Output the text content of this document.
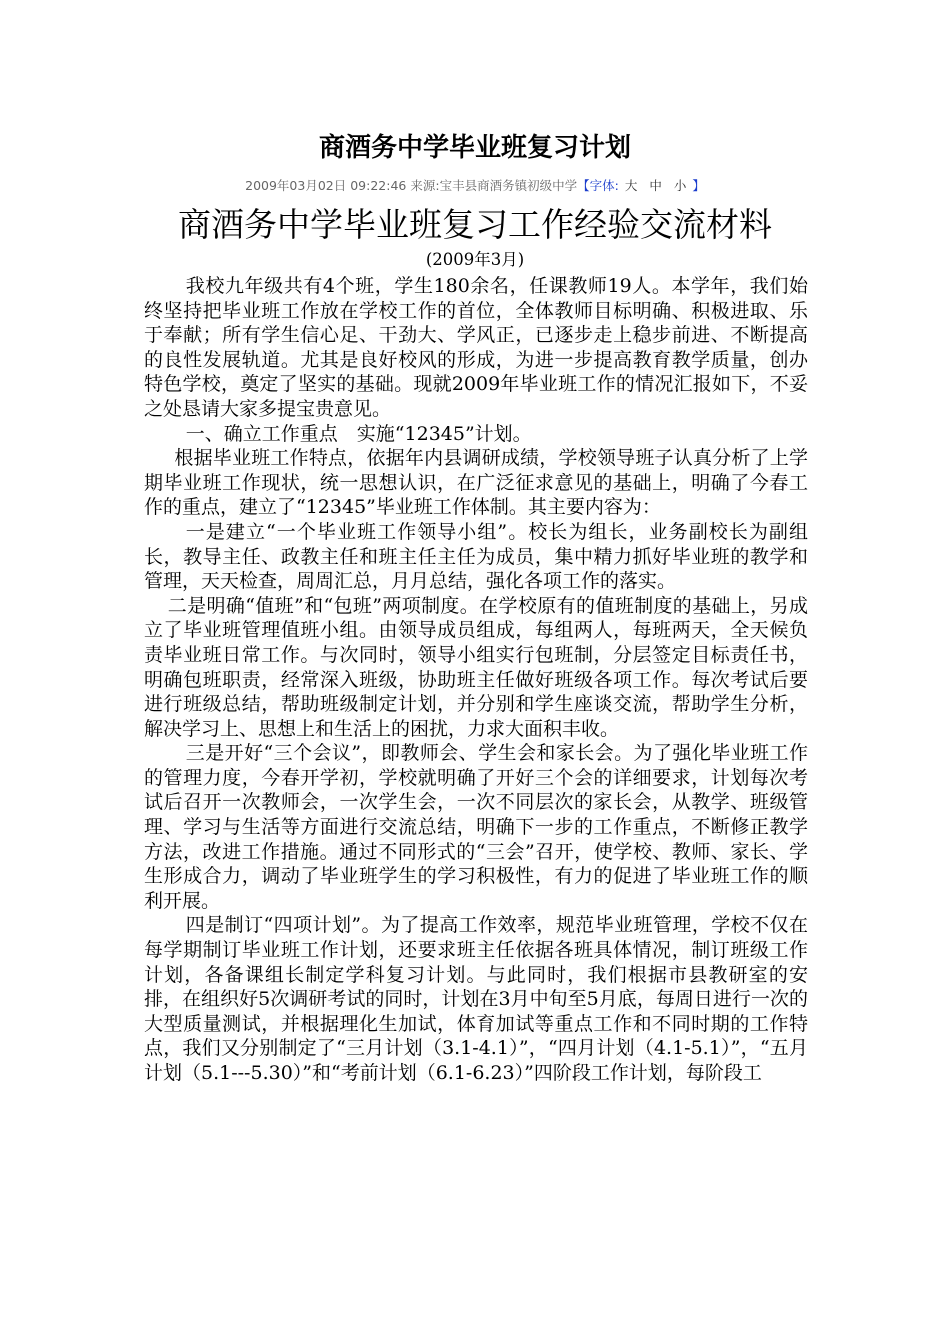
商酒务中学毕业班复习计划
2009年03月02日 09:22:46 来源:宝丰县商酒务镇初级中学【字体: 大 中 小 】
商酒务中学毕业班复习工作经验交流材料
(2009年3月)

我校九年级共有4个班，学生180余名，任课教师19人。本学年，我们始终坚持把毕业班工作放在学校工作的首位，全体教师目标明确、积极进取、乐于奉献；所有学生信心足、干劲大、学风正，已逐步走上稳步前进、不断提高的良性发展轨道。尤其是良好校风的形成，为进一步提高教育教学质量，创办特色学校，奠定了坚实的基础。现就2009年毕业班工作的情况汇报如下，不妥之处恳请大家多提宝贵意见。

一、确立工作重点　实施“12345”计划。

根据毕业班工作特点，依据年内县调研成绩，学校领导班子认真分析了上学期毕业班工作现状，统一思想认识，在广泛征求意见的基础上，明确了今春工作的重点，建立了“12345”毕业班工作体制。其主要内容为：

一是建立“一个毕业班工作领导小组”。校长为组长，业务副校长为副组长，教导主任、政教主任和班主任主任为成员，集中精力抓好毕业班的教学和管理，天天检查，周周汇总，月月总结，强化各项工作的落实。

二是明确“值班”和“包班”两项制度。在学校原有的值班制度的基础上，另成立了毕业班管理值班小组。由领导成员组成，每组两人，每班两天，全天候负责毕业班日常工作。与次同时，领导小组实行包班制，分层签定目标责任书，明确包班职责，经常深入班级，协助班主任做好班级各项工作。每次考试后要进行班级总结，帮助班级制定计划，并分别和学生座谈交流，帮助学生分析，解决学习上、思想上和生活上的困扰，力求大面积丰收。

三是开好“三个会议”，即教师会、学生会和家长会。为了强化毕业班工作的管理力度，今春开学初，学校就明确了开好三个会的详细要求，计划每次考试后召开一次教师会，一次学生会，一次不同层次的家长会，从教学、班级管理、学习与生活等方面进行交流总结，明确下一步的工作重点，不断修正教学方法，改进工作措施。通过不同形式的“三会”召开，使学校、教师、家长、学生形成合力，调动了毕业班学生的学习积极性，有力的促进了毕业班工作的顺利开展。

四是制订“四项计划”。为了提高工作效率，规范毕业班管理，学校不仅在每学期制订毕业班工作计划，还要求班主任依据各班具体情况，制订班级工作计划，各备课组长制定学科复习计划。与此同时，我们根据市县教研室的安排，在组织好5次调研考试的同时，计划在3月中旬至5月底，每周日进行一次的大型质量测试，并根据理化生加试，体育加试等重点工作和不同时期的工作特点，我们又分别制定了“三月计划（3.1-4.1）”，“四月计划（4.1-5.1）”，“五月计划（5.1---5.30）”和“考前计划（6.1-6.23）”四阶段工作计划，每阶段工
